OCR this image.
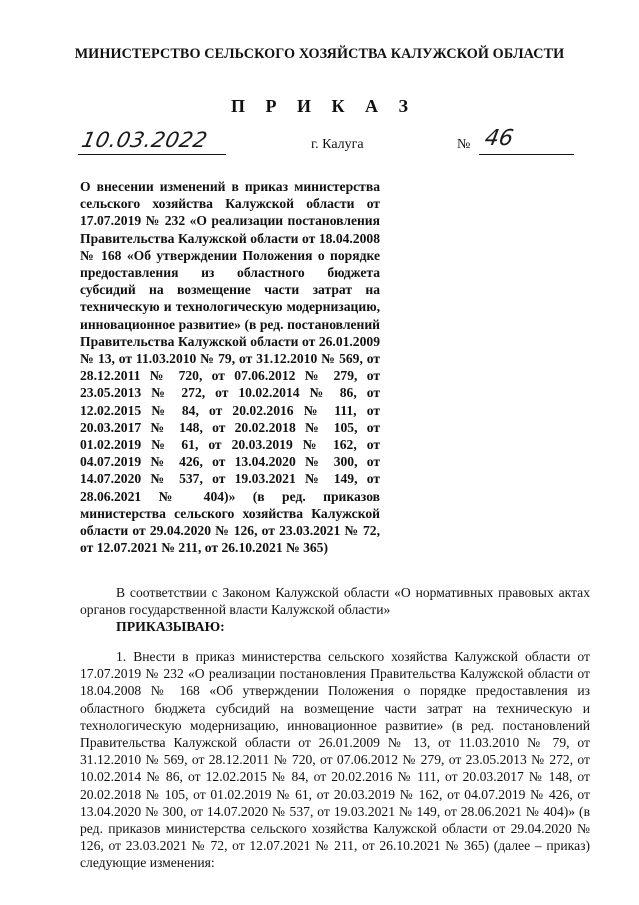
МИНИСТЕРСТВО СЕЛЬСКОГО ХОЗЯЙСТВА КАЛУЖСКОЙ ОБЛАСТИ
П Р И К А З
10.03.2022	г. Калуга	№ 46
О внесении изменений в приказ министерства сельского хозяйства Калужской области от 17.07.2019 № 232 «О реализации постановления Правительства Калужской области от 18.04.2008 № 168 «Об утверждении Положения о порядке предоставления из областного бюджета субсидий на возмещение части затрат на техническую и технологическую модернизацию, инновационное развитие» (в ред. постановлений Правительства Калужской области от 26.01.2009 № 13, от 11.03.2010 № 79, от 31.12.2010 № 569, от 28.12.2011 № 720, от 07.06.2012 № 279, от 23.05.2013 № 272, от 10.02.2014 № 86, от 12.02.2015 № 84, от 20.02.2016 № 111, от 20.03.2017 № 148, от 20.02.2018 № 105, от 01.02.2019 № 61, от 20.03.2019 № 162, от 04.07.2019 № 426, от 13.04.2020 № 300, от 14.07.2020 № 537, от 19.03.2021 № 149, от 28.06.2021 № 404)» (в ред. приказов министерства сельского хозяйства Калужской области от 29.04.2020 № 126, от 23.03.2021 № 72, от 12.07.2021 № 211, от 26.10.2021 № 365)
В соответствии с Законом Калужской области «О нормативных правовых актах органов государственной власти Калужской области»
ПРИКАЗЫВАЮ:
1. Внести в приказ министерства сельского хозяйства Калужской области от 17.07.2019 № 232 «О реализации постановления Правительства Калужской области от 18.04.2008 № 168 «Об утверждении Положения о порядке предоставления из областного бюджета субсидий на возмещение части затрат на техническую и технологическую модернизацию, инновационное развитие» (в ред. постановлений Правительства Калужской области от 26.01.2009 № 13, от 11.03.2010 № 79, от 31.12.2010 № 569, от 28.12.2011 № 720, от 07.06.2012 № 279, от 23.05.2013 № 272, от 10.02.2014 № 86, от 12.02.2015 № 84, от 20.02.2016 № 111, от 20.03.2017 № 148, от 20.02.2018 № 105, от 01.02.2019 № 61, от 20.03.2019 № 162, от 04.07.2019 № 426, от 13.04.2020 № 300, от 14.07.2020 № 537, от 19.03.2021 № 149, от 28.06.2021 № 404)» (в ред. приказов министерства сельского хозяйства Калужской области от 29.04.2020 № 126, от 23.03.2021 № 72, от 12.07.2021 № 211, от 26.10.2021 № 365) (далее – приказ) следующие изменения:
